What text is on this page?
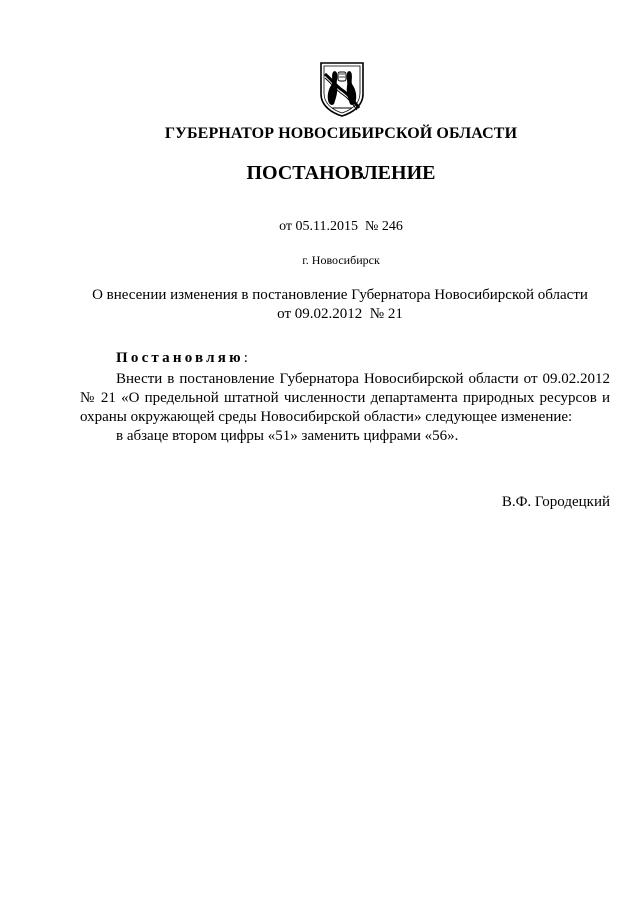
ГУБЕРНАТОР НОВОСИБИРСКОЙ ОБЛАСТИ
ПОСТАНОВЛЕНИЕ
от 05.11.2015  № 246
г. Новосибирск
О внесении изменения в постановление Губернатора Новосибирской области
от 09.02.2012  № 21
Постановляю:
Внести в постановление Губернатора Новосибирской области от 09.02.2012 № 21 «О предельной штатной численности департамента природных ресурсов и охраны окружающей среды Новосибирской области» следующее изменение:
в абзаце втором цифры «51» заменить цифрами «56».
В.Ф. Городецкий
